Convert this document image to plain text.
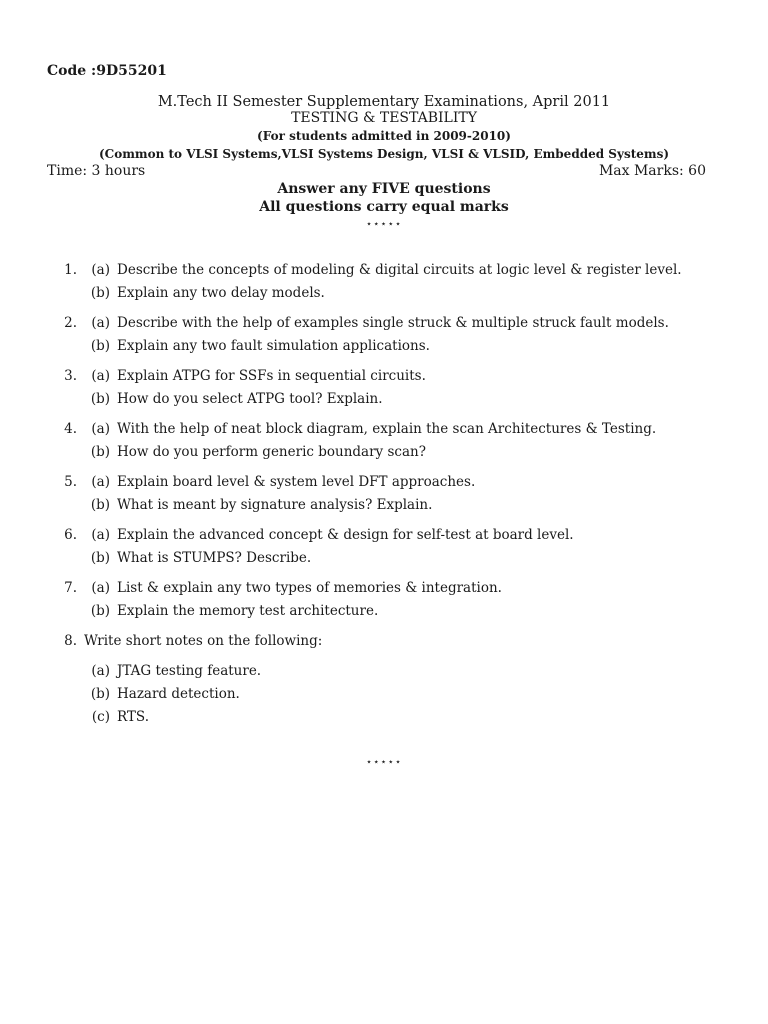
Code :9D55201
M.Tech II Semester Supplementary Examinations, April 2011
TESTING & TESTABILITY
(For students admitted in 2009-2010)
(Common to VLSI Systems,VLSI Systems Design, VLSI & VLSID, Embedded Systems)
Time: 3 hours	Max Marks: 60
Answer any FIVE questions
All questions carry equal marks
⋆⋆⋆⋆⋆
1.	(a) Describe the concepts of modeling & digital circuits at logic level & register level.
(b) Explain any two delay models.
2.	(a) Describe with the help of examples single struck & multiple struck fault models.
(b) Explain any two fault simulation applications.
3.	(a) Explain ATPG for SSFs in sequential circuits.
(b) How do you select ATPG tool? Explain.
4.	(a) With the help of neat block diagram, explain the scan Architectures & Testing.
(b) How do you perform generic boundary scan?
5.	(a) Explain board level & system level DFT approaches.
(b) What is meant by signature analysis? Explain.
6.	(a) Explain the advanced concept & design for self-test at board level.
(b) What is STUMPS? Describe.
7.	(a) List & explain any two types of memories & integration.
(b) Explain the memory test architecture.
8. Write short notes on the following:
(a) JTAG testing feature.
(b) Hazard detection.
(c) RTS.
⋆⋆⋆⋆⋆
